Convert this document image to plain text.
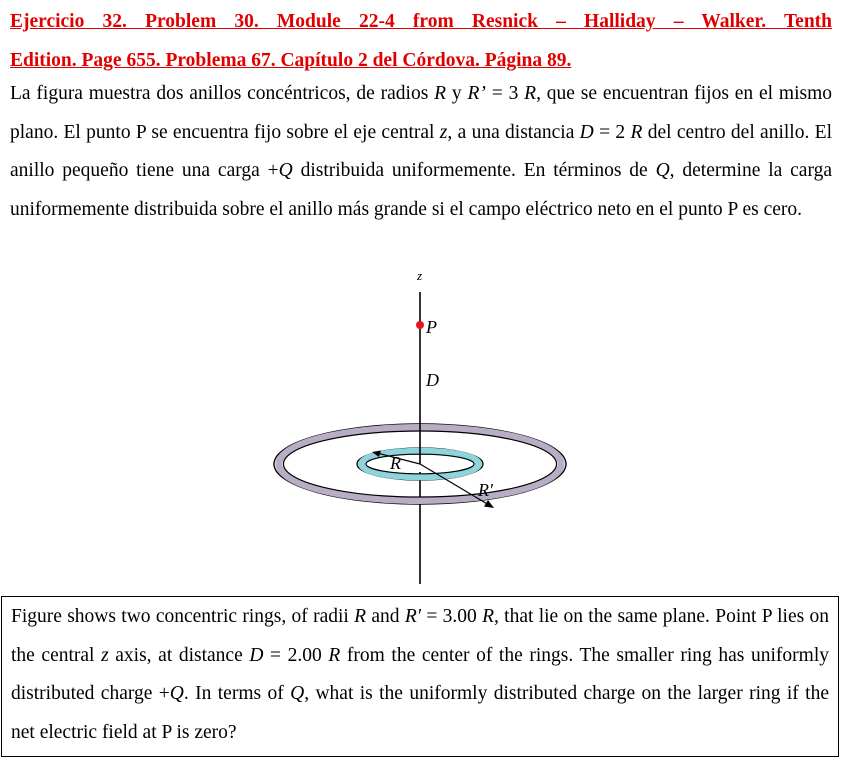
Ejercicio 32. Problem 30. Module 22-4 from Resnick – Halliday – Walker. Tenth
Edition. Page 655. Problema 67. Capítulo 2 del Córdova. Página 89.
La figura muestra dos anillos concéntricos, de radios R y R’ = 3 R, que se encuentran fijos en el mismo plano. El punto P se encuentra fijo sobre el eje central z, a una distancia D = 2 R del centro del anillo. El anillo pequeño tiene una carga +Q distribuida uniformemente. En términos de Q, determine la carga uniformemente distribuida sobre el anillo más grande si el campo eléctrico neto en el punto P es cero.
z
P
D
R
R′
Figure shows two concentric rings, of radii R and R′ = 3.00 R, that lie on the same plane. Point P lies on the central z axis, at distance D = 2.00 R from the center of the rings. The smaller ring has uniformly distributed charge +Q. In terms of Q, what is the uniformly distributed charge on the larger ring if the net electric field at P is zero?
